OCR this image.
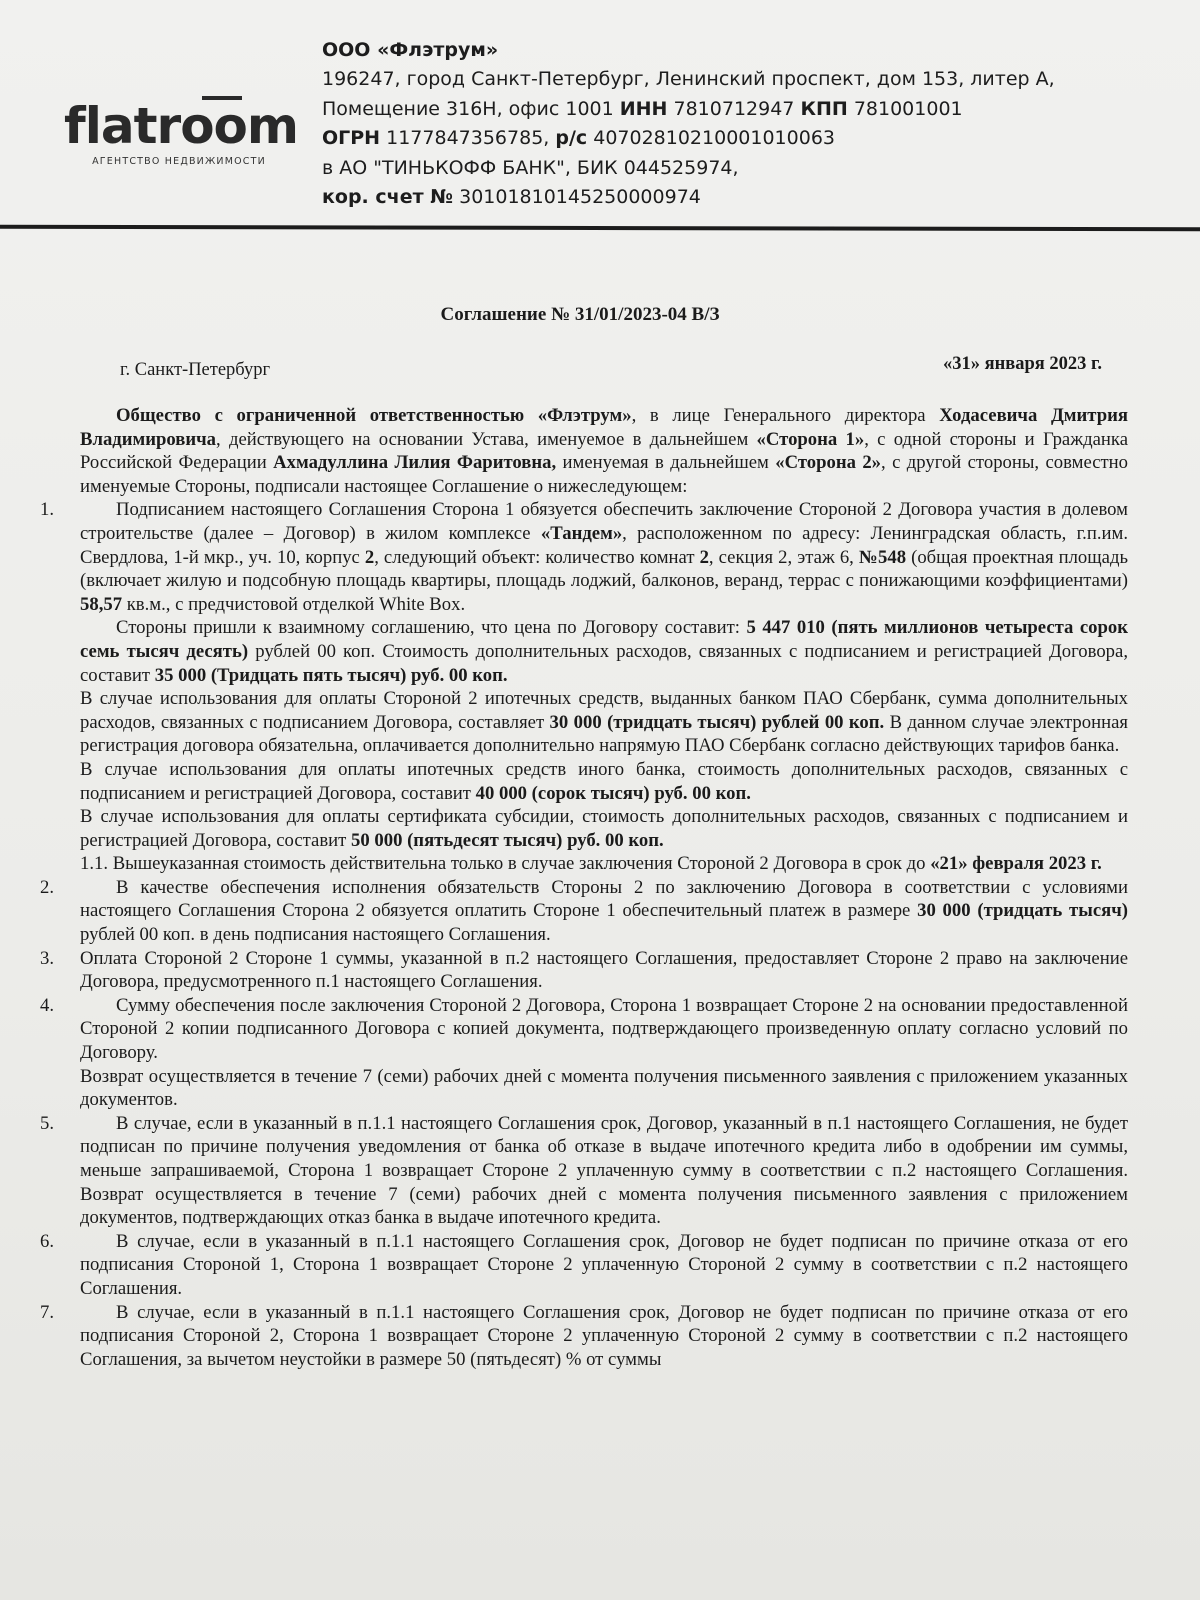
flatroom
АГЕНТСТВО НЕДВИЖИМОСТИ
ООО «Флэтрум»
196247, город Санкт-Петербург, Ленинский проспект, дом 153, литер А,
Помещение 316Н, офис 1001 ИНН 7810712947 КПП 781001001
ОГРН 1177847356785, р/с 40702810210001010063
в АО "ТИНЬКОФФ БАНК", БИК 044525974,
кор. счет № 30101810145250000974
Соглашение № 31/01/2023-04 В/З
г. Санкт-Петербург	«31» января 2023 г.

Общество с ограниченной ответственностью «Флэтрум», в лице Генерального директора Ходасевича Дмитрия Владимировича, действующего на основании Устава, именуемое в дальнейшем «Сторона 1», с одной стороны и Гражданка Российской Федерации Ахмадуллина Лилия Фаритовна, именуемая в дальнейшем «Сторона 2», с другой стороны, совместно именуемые Стороны, подписали настоящее Соглашение о нижеследующем:

1.	Подписанием настоящего Соглашения Сторона 1 обязуется обеспечить заключение Стороной 2 Договора участия в долевом строительстве (далее – Договор) в жилом комплексе «Тандем», расположенном по адресу: Ленинградская область, г.п.им. Свердлова, 1-й мкр., уч. 10, корпус 2, следующий объект: количество комнат 2, секция 2, этаж 6, №548 (общая проектная площадь (включает жилую и подсобную площадь квартиры, площадь лоджий, балконов, веранд, террас с понижающими коэффициентами) 58,57 кв.м., с предчистовой отделкой White Box.

Стороны пришли к взаимному соглашению, что цена по Договору составит: 5 447 010 (пять миллионов четыреста сорок семь тысяч десять) рублей 00 коп. Стоимость дополнительных расходов, связанных с подписанием и регистрацией Договора, составит 35 000 (Тридцать пять тысяч) руб. 00 коп.

В случае использования для оплаты Стороной 2 ипотечных средств, выданных банком ПАО Сбербанк, сумма дополнительных расходов, связанных с подписанием Договора, составляет 30 000 (тридцать тысяч) рублей 00 коп. В данном случае электронная регистрация договора обязательна, оплачивается дополнительно напрямую ПАО Сбербанк согласно действующих тарифов банка.

В случае использования для оплаты ипотечных средств иного банка, стоимость дополнительных расходов, связанных с подписанием и регистрацией Договора, составит 40 000 (сорок тысяч) руб. 00 коп.

В случае использования для оплаты сертификата субсидии, стоимость дополнительных расходов, связанных с подписанием и регистрацией Договора, составит 50 000 (пятьдесят тысяч) руб. 00 коп.

1.1. Вышеуказанная стоимость действительна только в случае заключения Стороной 2 Договора в срок до «21» февраля 2023 г.

2.	В качестве обеспечения исполнения обязательств Стороны 2 по заключению Договора в соответствии с условиями настоящего Соглашения Сторона 2 обязуется оплатить Стороне 1 обеспечительный платеж в размере 30 000 (тридцать тысяч) рублей 00 коп. в день подписания настоящего Соглашения.

3. Оплата Стороной 2 Стороне 1 суммы, указанной в п.2 настоящего Соглашения, предоставляет Стороне 2 право на заключение Договора, предусмотренного п.1 настоящего Соглашения.

4.	Сумму обеспечения после заключения Стороной 2 Договора, Сторона 1 возвращает Стороне 2 на основании предоставленной Стороной 2 копии подписанного Договора с копией документа, подтверждающего произведенную оплату согласно условий по Договору.

Возврат осуществляется в течение 7 (семи) рабочих дней с момента получения письменного заявления с приложением указанных документов.

5.	В случае, если в указанный в п.1.1 настоящего Соглашения срок, Договор, указанный в п.1 настоящего Соглашения, не будет подписан по причине получения уведомления от банка об отказе в выдаче ипотечного кредита либо в одобрении им суммы, меньше запрашиваемой, Сторона 1 возвращает Стороне 2 уплаченную сумму в соответствии с п.2 настоящего Соглашения. Возврат осуществляется в течение 7 (семи) рабочих дней с момента получения письменного заявления с приложением документов, подтверждающих отказ банка в выдаче ипотечного кредита.

6.	В случае, если в указанный в п.1.1 настоящего Соглашения срок, Договор не будет подписан по причине отказа от его подписания Стороной 1, Сторона 1 возвращает Стороне 2 уплаченную Стороной 2 сумму в соответствии с п.2 настоящего Соглашения.

7.	В случае, если в указанный в п.1.1 настоящего Соглашения срок, Договор не будет подписан по причине отказа от его подписания Стороной 2, Сторона 1 возвращает Стороне 2 уплаченную Стороной 2 сумму в соответствии с п.2 настоящего Соглашения, за вычетом неустойки в размере 50 (пятьдесят) % от суммы
